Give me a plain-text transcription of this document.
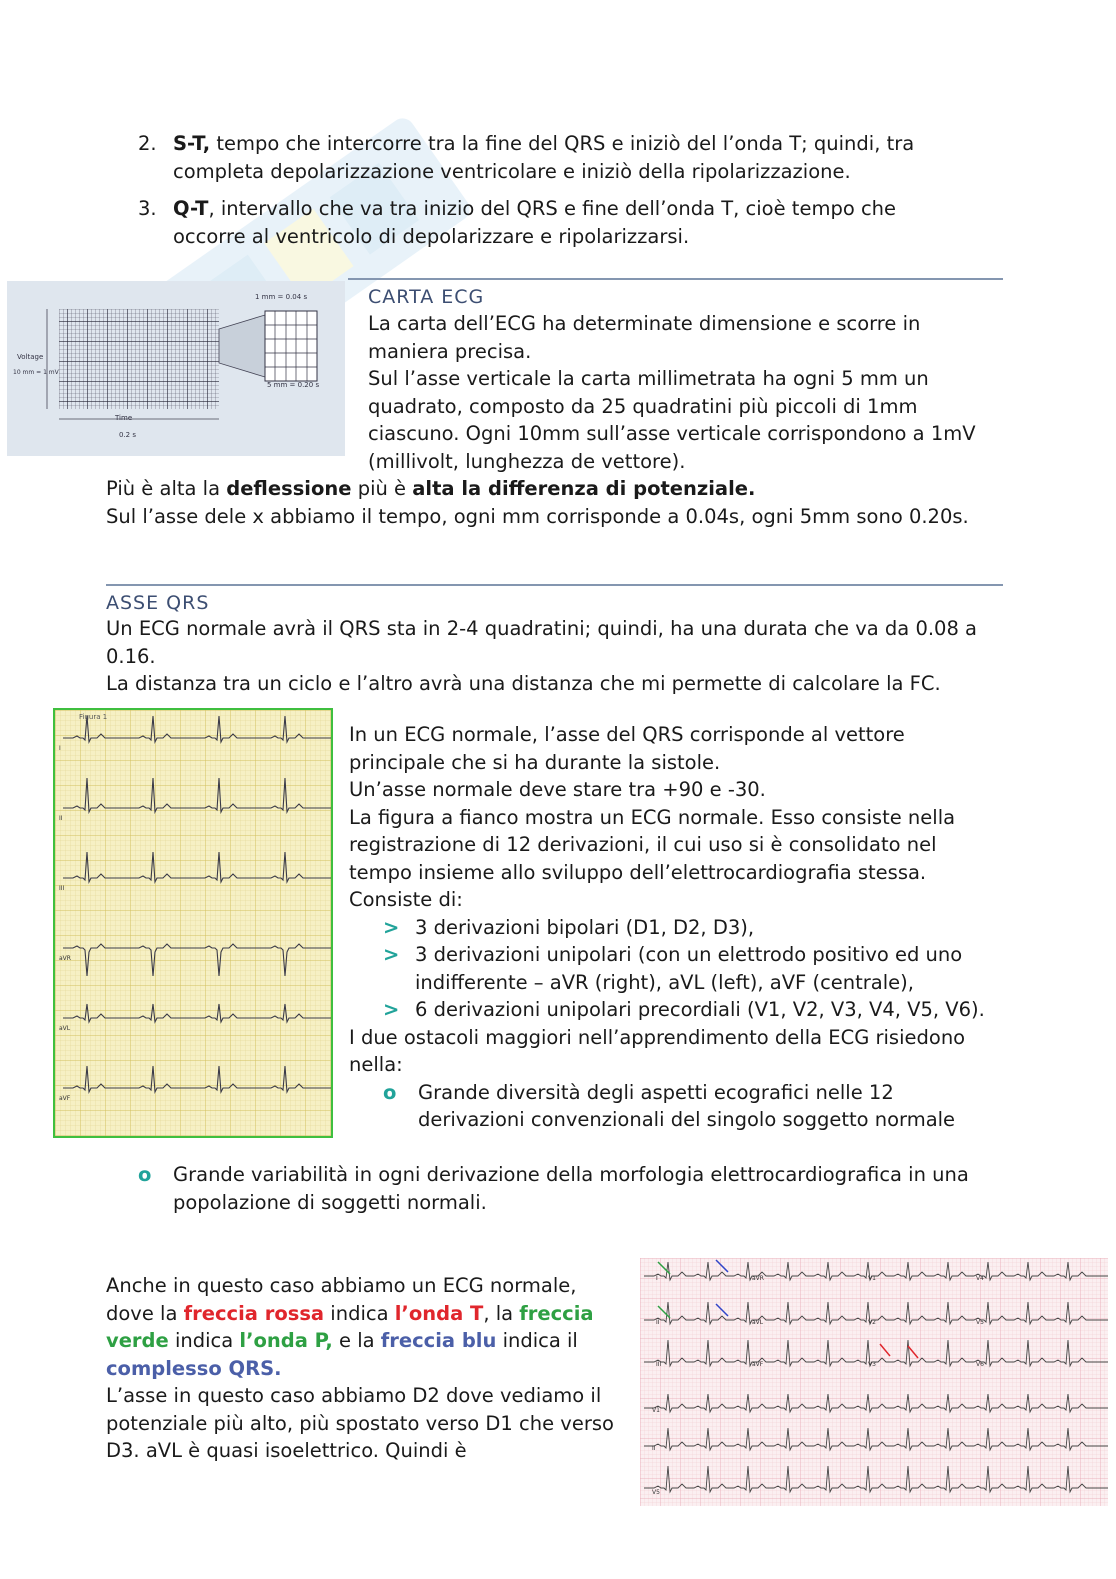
2. S-T, tempo che intercorre tra la fine del QRS e iniziò del l’onda T; quindi, tra completa depolarizzazione ventricolare e iniziò della ripolarizzazione.
3. Q-T, intervallo che va tra inizio del QRS e fine dell’onda T, cioè tempo che occorre al ventricolo di depolarizzare e ripolarizzarsi.
1 mm = 0.04 s
5 mm = 0.20 s
Voltage
10 mm = 1 mV
Time
0.2 s
CARTA ECG
La carta dell’ECG ha determinate dimensione e scorre in maniera precisa.
Sul l’asse verticale la carta millimetrata ha ogni 5 mm un quadrato, composto da 25 quadratini più piccoli di 1mm ciascuno. Ogni 10mm sull’asse verticale corrispondono a 1mV (millivolt, lunghezza de vettore).
Più è alta la deflessione più è alta la differenza di potenziale.
Sul l’asse dele x abbiamo il tempo, ogni mm corrisponde a 0.04s, ogni 5mm sono 0.20s.
ASSE QRS
Un ECG normale avrà il QRS sta in 2-4 quadratini; quindi, ha una durata che va da 0.08 a 0.16.
La distanza tra un ciclo e l’altro avrà una distanza che mi permette di calcolare la FC.
Figura 1
I
II
III
aVR
aVL
aVF
In un ECG normale, l’asse del QRS corrisponde al vettore principale che si ha durante la sistole.
Un’asse normale deve stare tra +90 e -30.
La figura a fianco mostra un ECG normale. Esso consiste nella registrazione di 12 derivazioni, il cui uso si è consolidato nel tempo insieme allo sviluppo dell’elettrocardiografia stessa.
Consiste di:
> 3 derivazioni bipolari (D1, D2, D3),
> 3 derivazioni unipolari (con un elettrodo positivo ed uno indifferente – aVR (right), aVL (left), aVF (centrale),
> 6 derivazioni unipolari precordiali (V1, V2, V3, V4, V5, V6).
I due ostacoli maggiori nell’apprendimento della ECG risiedono nella:
o	Grande diversità degli aspetti ecografici nelle 12 derivazioni convenzionali del singolo soggetto normale
o	Grande variabilità in ogni derivazione della morfologia elettrocardiografica in una popolazione di soggetti normali.
Anche in questo caso abbiamo un ECG normale, dove la freccia rossa indica l’onda T, la freccia verde indica l’onda P, e la freccia blu indica il complesso QRS.
L’asse in questo caso abbiamo D2 dove vediamo il potenziale più alto, più spostato verso D1 che verso D3. aVL è quasi isoelettrico. Quindi è
I	aVR	V1	V4
II	aVL	V2	V5
III	aVF	V3	V6
V1
II
V5
